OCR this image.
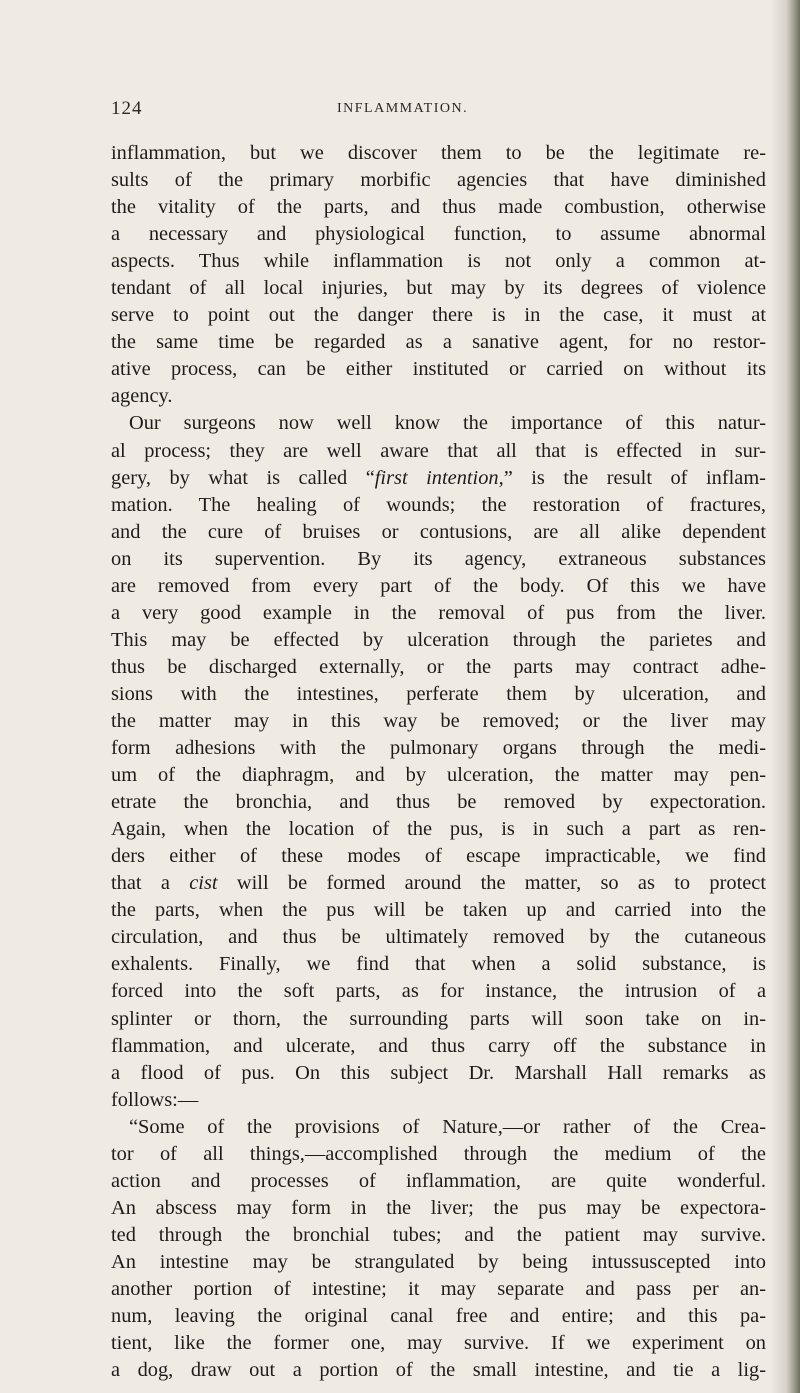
124	INFLAMMATION.
inflammation, but we discover them to be the legitimate re-
sults of the primary morbific agencies that have diminished
the vitality of the parts, and thus made combustion, otherwise
a necessary and physiological function, to assume abnormal
aspects. Thus while inflammation is not only a common at-
tendant of all local injuries, but may by its degrees of violence
serve to point out the danger there is in the case, it must at
the same time be regarded as a sanative agent, for no restor-
ative process, can be either instituted or carried on without its
agency.
Our surgeons now well know the importance of this natur-
al process; they are well aware that all that is effected in sur-
gery, by what is called “first intention,” is the result of inflam-
mation. The healing of wounds; the restoration of fractures,
and the cure of bruises or contusions, are all alike dependent
on its supervention. By its agency, extraneous substances
are removed from every part of the body. Of this we have
a very good example in the removal of pus from the liver.
This may be effected by ulceration through the parietes and
thus be discharged externally, or the parts may contract adhe-
sions with the intestines, perferate them by ulceration, and
the matter may in this way be removed; or the liver may
form adhesions with the pulmonary organs through the medi-
um of the diaphragm, and by ulceration, the matter may pen-
etrate the bronchia, and thus be removed by expectoration.
Again, when the location of the pus, is in such a part as ren-
ders either of these modes of escape impracticable, we find
that a cist will be formed around the matter, so as to protect
the parts, when the pus will be taken up and carried into the
circulation, and thus be ultimately removed by the cutaneous
exhalents. Finally, we find that when a solid substance, is
forced into the soft parts, as for instance, the intrusion of a
splinter or thorn, the surrounding parts will soon take on in-
flammation, and ulcerate, and thus carry off the substance in
a flood of pus. On this subject Dr. Marshall Hall remarks as
follows:—
“Some of the provisions of Nature,—or rather of the Crea-
tor of all things,—accomplished through the medium of the
action and processes of inflammation, are quite wonderful.
An abscess may form in the liver; the pus may be expectora-
ted through the bronchial tubes; and the patient may survive.
An intestine may be strangulated by being intussuscepted into
another portion of intestine; it may separate and pass per an-
num, leaving the original canal free and entire; and this pa-
tient, like the former one, may survive. If we experiment on
a dog, draw out a portion of the small intestine, and tie a lig-
